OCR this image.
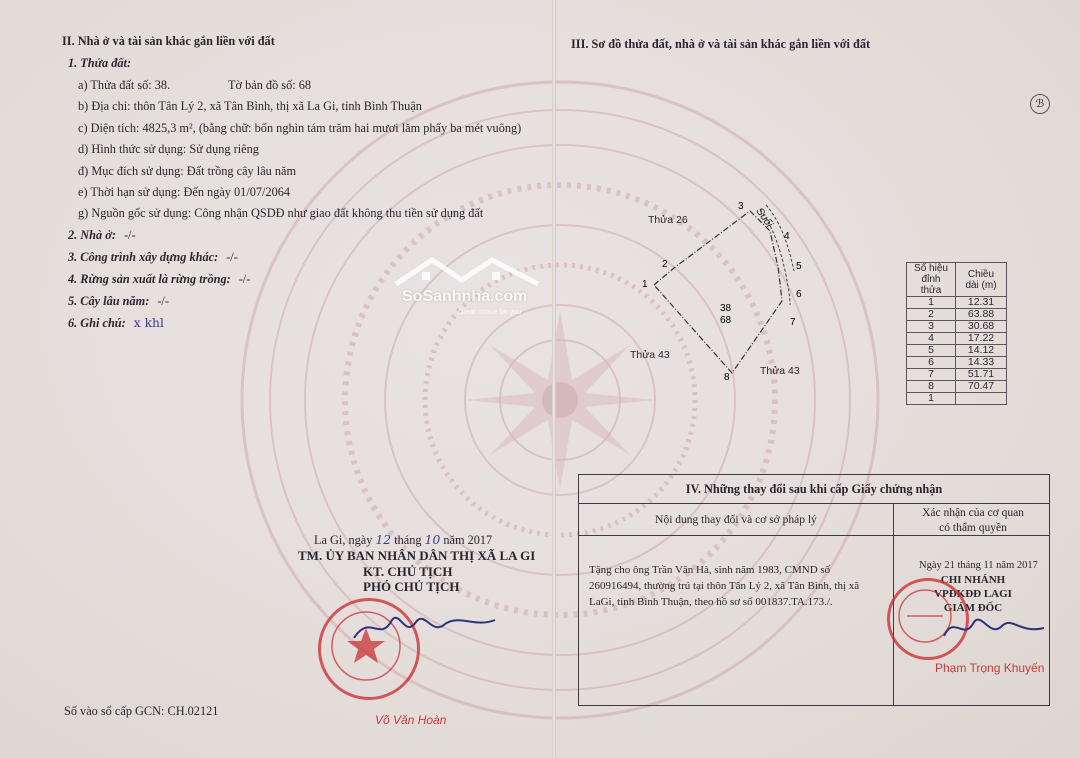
II. Nhà ở và tài sản khác gắn liền với đất
1. Thửa đất:
a) Thửa đất số: 38.	Tờ bản đồ số: 68
b) Địa chỉ: thôn Tân Lý 2, xã Tân Bình, thị xã La Gi, tỉnh Bình Thuận
c) Diện tích: 4825,3 m², (bằng chữ: bốn nghìn tám trăm hai mươi lăm phẩy ba mét vuông)
d) Hình thức sử dụng: Sử dụng riêng
đ) Mục đích sử dụng: Đất trồng cây lâu năm
e) Thời hạn sử dụng: Đến ngày 01/07/2064
g) Nguồn gốc sử dụng: Công nhận QSDĐ như giao đất không thu tiền sử dụng đất
2. Nhà ở: -/-
3. Công trình xây dựng khác: -/-
4. Rừng sản xuất là rừng trồng: -/-
5. Cây lâu năm: -/-
6. Ghi chú: x khl
La Gi, ngày 12 tháng 10 năm 2017
TM. ỦY BAN NHÂN DÂN THỊ XÃ LA GI
KT. CHỦ TỊCH
PHÓ CHỦ TỊCH
Võ Văn Hoàn
Số vào sổ cấp GCN: CH.02121
III. Sơ đồ thửa đất, nhà ở và tài sản khác gắn liền với đất
1
2
3
4
5
6
7
8
38
68
Thửa 26	Suối
Thửa 43
Thửa 43
Số hiệu đỉnh thửa	Chiều dài (m)
1	12.31
2	63.88
3	30.68
4	17.22
5	14.12
6	14.33
7	51.71
8	70.47
1	
IV. Những thay đổi sau khi cấp Giấy chứng nhận
Nội dung thay đổi và cơ sở pháp lý
Xác nhận của cơ quan
có thẩm quyền
Tặng cho ông Trần Văn Hà, sinh năm 1983, CMND số
260916494, thường trú tại thôn Tân Lý 2, xã Tân Bình, thị xã
LaGi, tỉnh Bình Thuận, theo hồ sơ số 001837.TA.173./.
Ngày 21 tháng 11 năm 2017
CHI NHÁNH
VPĐKĐĐ LAGI
GIÁM ĐỐC
Phạm Trọng Khuyến
SoSanhnha.com
Great choice for you
ℬ
